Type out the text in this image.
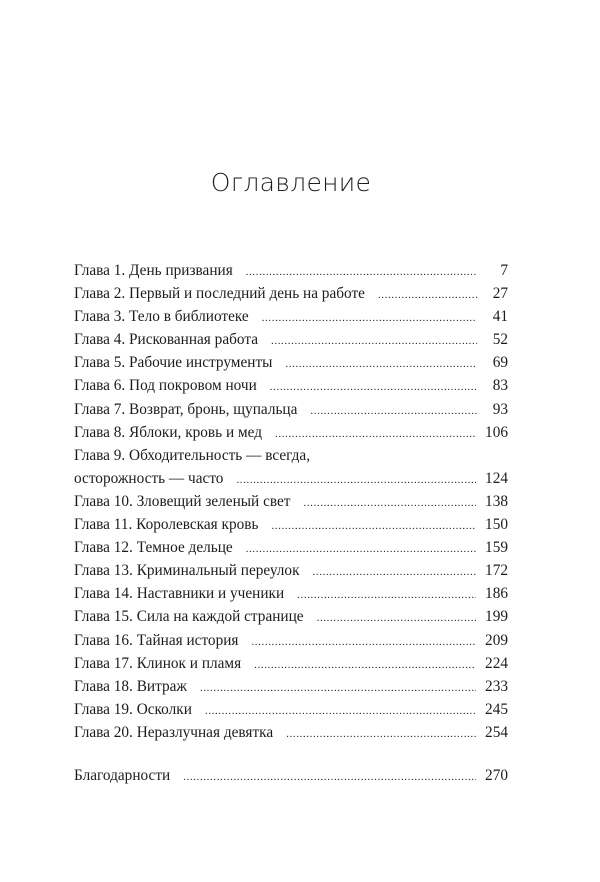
Оглавление
Глава 1. День призвания .....	7
Глава 2. Первый и последний день на работе .....	27
Глава 3. Тело в библиотеке .....	41
Глава 4. Рискованная работа .....	52
Глава 5. Рабочие инструменты .....	69
Глава 6. Под покровом ночи .....	83
Глава 7. Возврат, бронь, щупальца .....	93
Глава 8. Яблоки, кровь и мед .....	106
Глава 9. Обходительность — всегда,
осторожность — часто .....	124
Глава 10. Зловещий зеленый свет .....	138
Глава 11. Королевская кровь .....	150
Глава 12. Темное дельце .....	159
Глава 13. Криминальный переулок .....	172
Глава 14. Наставники и ученики .....	186
Глава 15. Сила на каждой странице .....	199
Глава 16. Тайная история .....	209
Глава 17. Клинок и пламя .....	224
Глава 18. Витраж .....	233
Глава 19. Осколки .....	245
Глава 20. Неразлучная девятка .....	254
Благодарности .....	270
